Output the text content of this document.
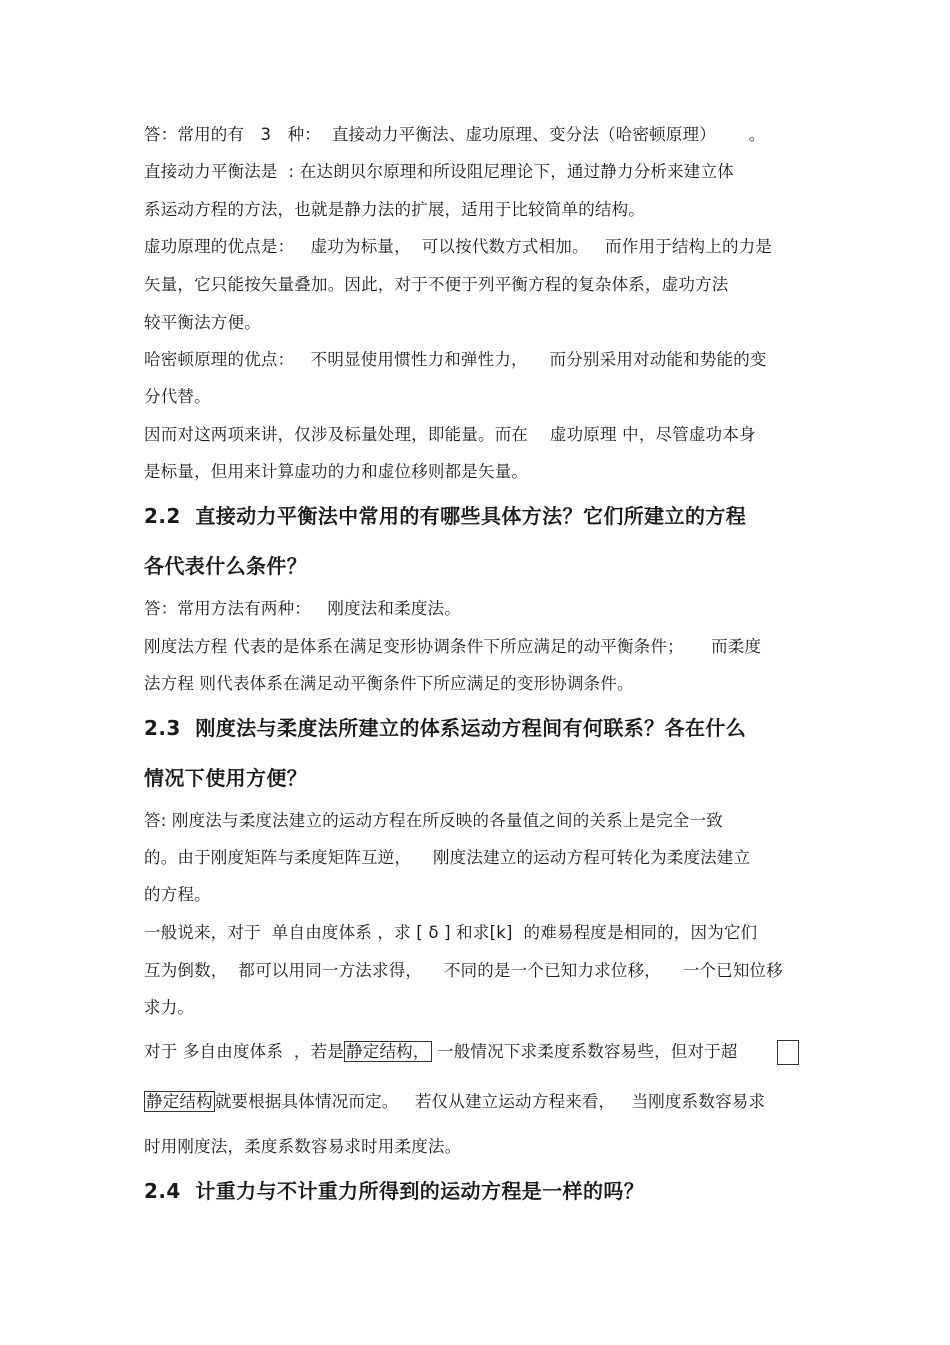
答：常用的有   3   种：  直接动力平衡法、虚功原理、变分法（哈密顿原理）      。

直接动力平衡法是  : 在达朗贝尔原理和所设阻尼理论下，通过静力分析来建立体

系运动方程的方法，也就是静力法的扩展，适用于比较简单的结构。

虚功原理的优点是：   虚功为标量，  可以按代数方式相加。   而作用于结构上的力是

矢量，它只能按矢量叠加。因此，对于不便于列平衡方程的复杂体系，虚功方法

较平衡法方便。

哈密顿原理的优点：   不明显使用惯性力和弹性力，    而分别采用对动能和势能的变

分代替。

因而对这两项来讲，仅涉及标量处理，即能量。而在    虚功原理 中，尽管虚功本身

是标量，但用来计算虚功的力和虚位移则都是矢量。

2.2  直接动力平衡法中常用的有哪些具体方法？它们所建立的方程
各代表什么条件？

答：常用方法有两种：   刚度法和柔度法。

刚度法方程 代表的是体系在满足变形协调条件下所应满足的动平衡条件；     而柔度

法方程 则代表体系在满足动平衡条件下所应满足的变形协调条件。

2.3  刚度法与柔度法所建立的体系运动方程间有何联系？各在什么
情况下使用方便？

答: 刚度法与柔度法建立的运动方程在所反映的各量值之间的关系上是完全一致

的。由于刚度矩阵与柔度矩阵互逆，    刚度法建立的运动方程可转化为柔度法建立

的方程。

一般说来，对于  单自由度体系 ，求 [ δ ] 和求[k]  的难易程度是相同的，因为它们

互为倒数，  都可以用同一方法求得，    不同的是一个已知力求位移，    一个已知位移

求力。

对于 多自由度体系  ，若是 静定结构， 一般情况下求柔度系数容易些，但对于超

静定结构 就要根据具体情况而定。   若仅从建立运动方程来看，   当刚度系数容易求

时用刚度法，柔度系数容易求时用柔度法。

2.4  计重力与不计重力所得到的运动方程是一样的吗？
